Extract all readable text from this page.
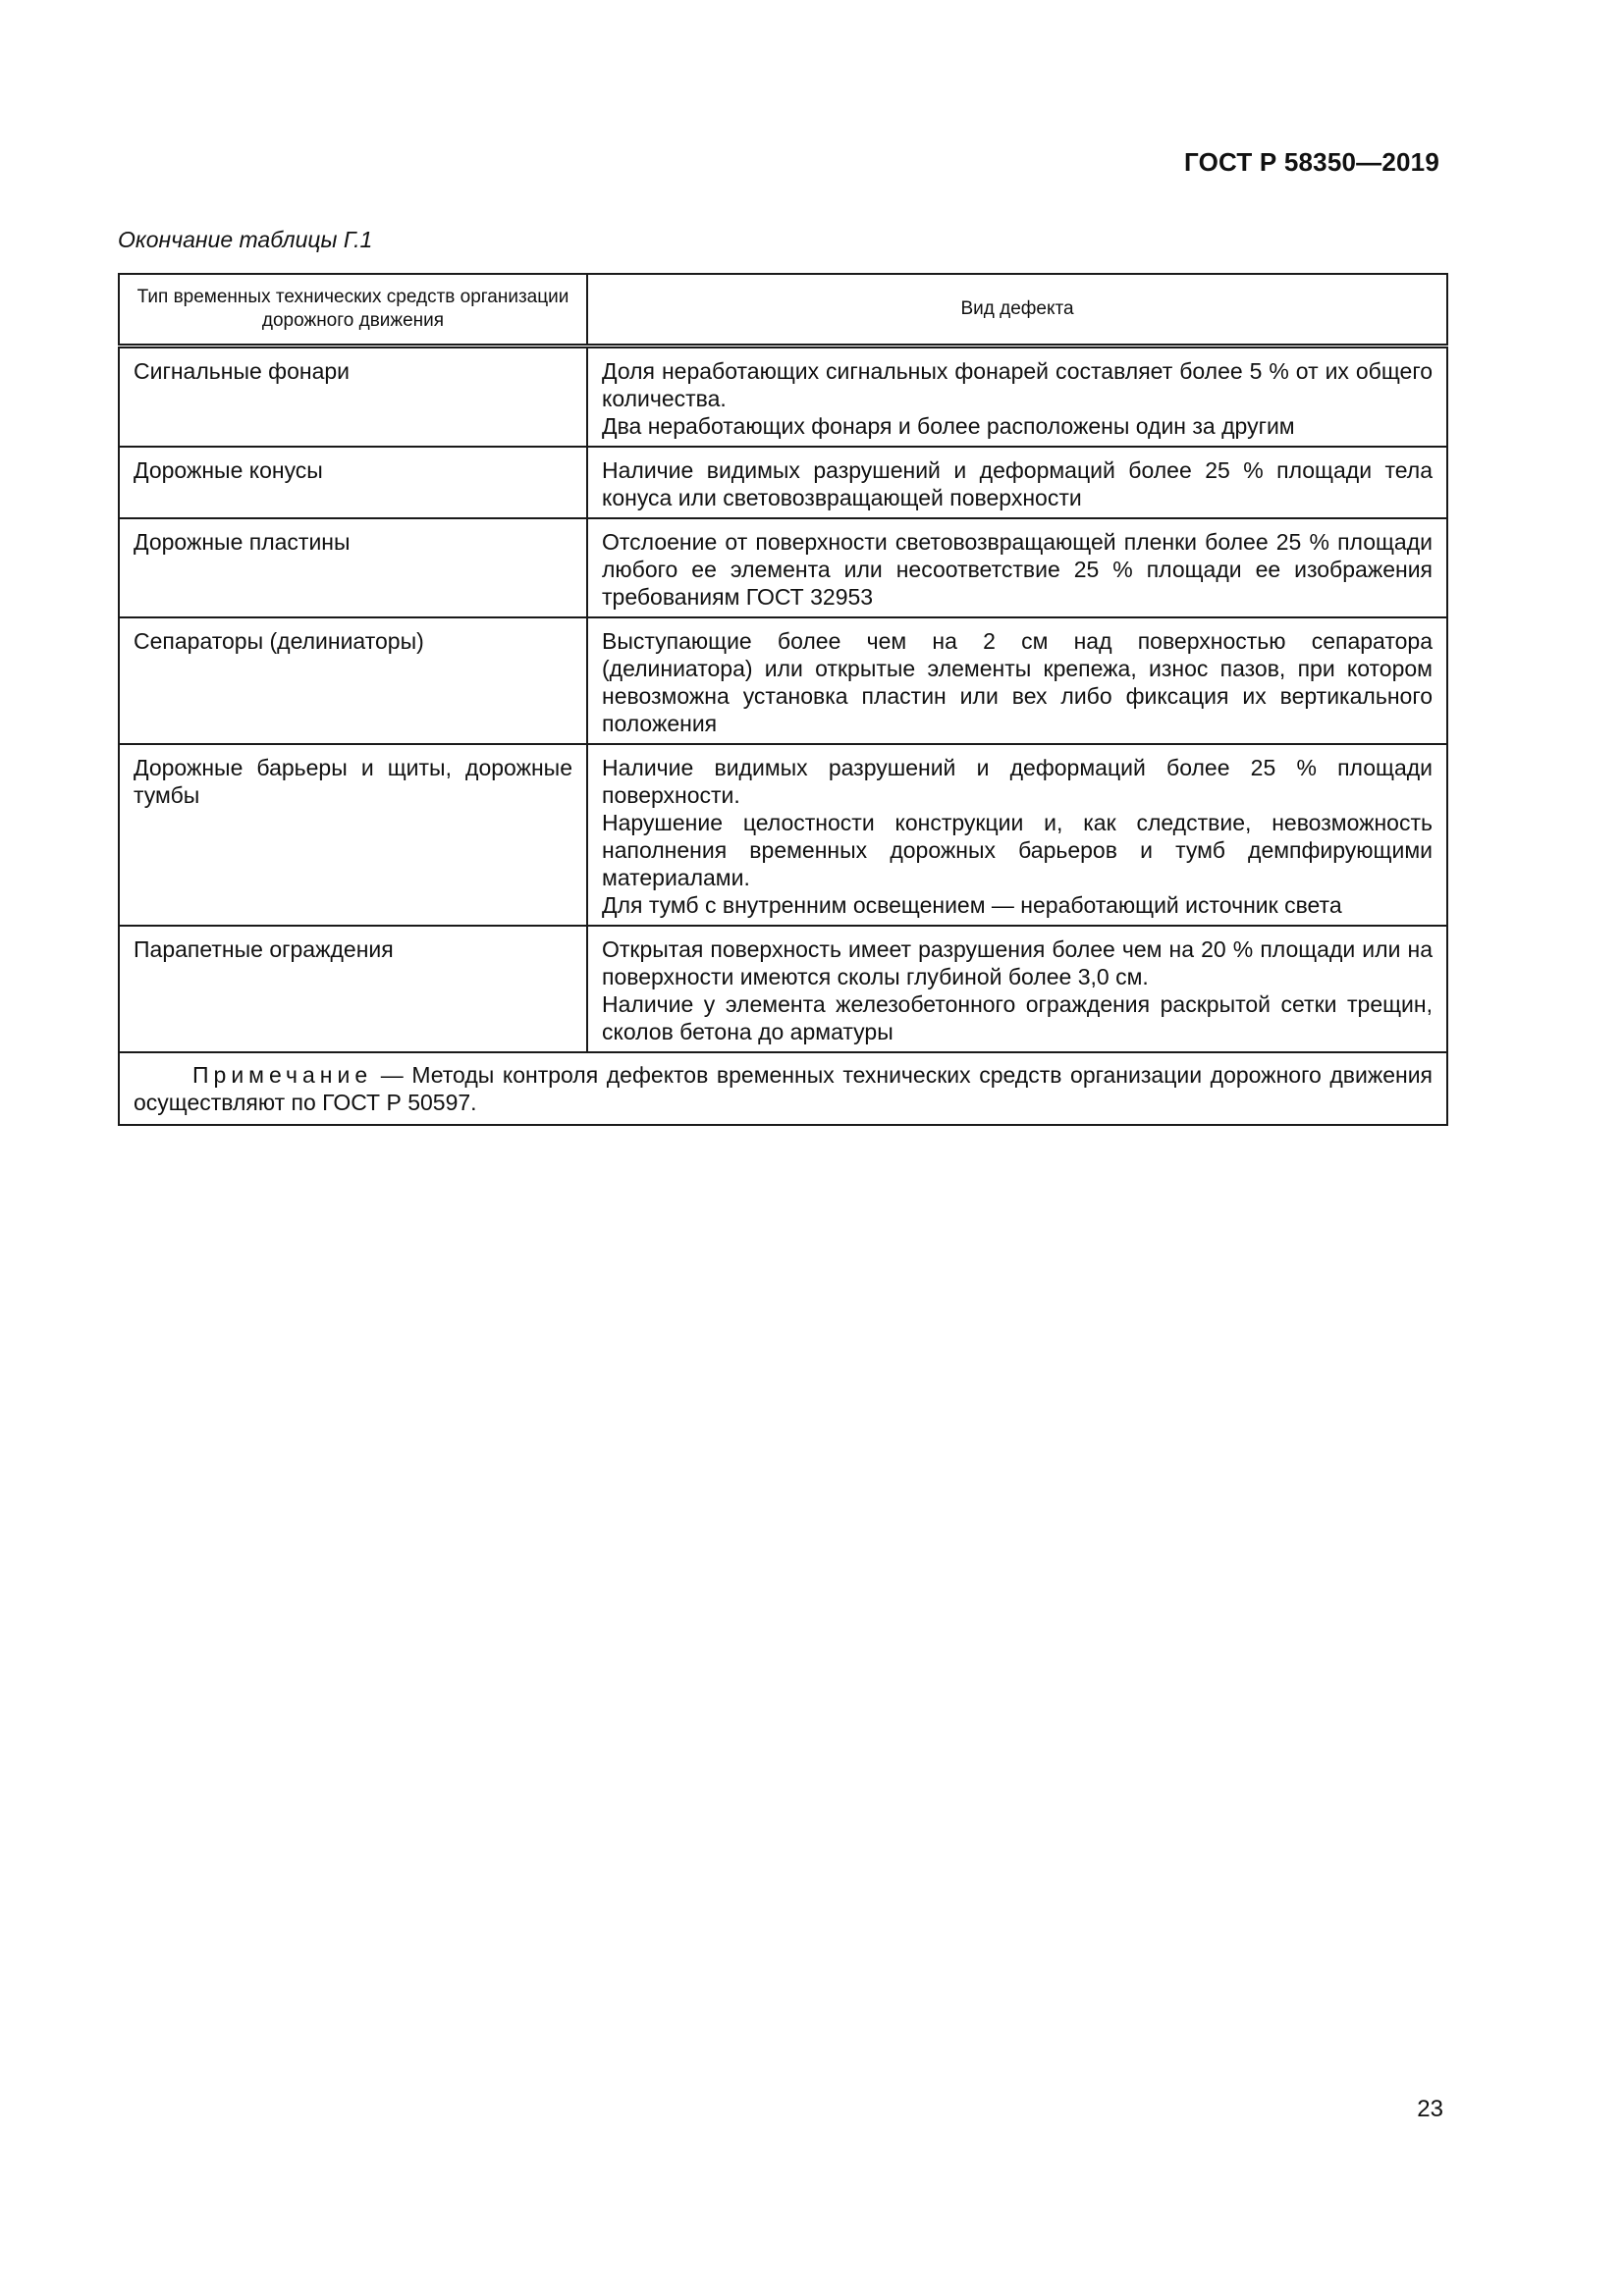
ГОСТ Р 58350—2019
Окончание таблицы Г.1
Тип временных технических средств организации дорожного движения	Вид дефекта
Сигнальные фонари	Доля неработающих сигнальных фонарей составляет более 5 % от их общего количества.
Два неработающих фонаря и более расположены один за другим

Дорожные конусы	Наличие видимых разрушений и деформаций более 25 % площади тела конуса или световозвращающей поверхности

Дорожные пластины	Отслоение от поверхности световозвращающей пленки более 25 % площади любого ее элемента или несоответствие 25 % площади ее изображения требованиям ГОСТ 32953

Сепараторы (делиниаторы)	Выступающие более чем на 2 см над поверхностью сепаратора (делиниатора) или открытые элементы крепежа, износ пазов, при котором невозможна установка пластин или вех либо фиксация их вертикального положения

Дорожные барьеры и щиты, дорожные тумбы	Наличие видимых разрушений и деформаций более 25 % площади поверхности.
Нарушение целостности конструкции и, как следствие, невозможность наполнения временных дорожных барьеров и тумб демпфирующими материалами.
Для тумб с внутренним освещением — неработающий источник света

Парапетные ограждения	Открытая поверхность имеет разрушения более чем на 20 % площади или на поверхности имеются сколы глубиной более 3,0 см.
Наличие у элемента железобетонного ограждения раскрытой сетки трещин, сколов бетона до арматуры

Примечание — Методы контроля дефектов временных технических средств организации дорожного движения осуществляют по ГОСТ Р 50597.	
23
